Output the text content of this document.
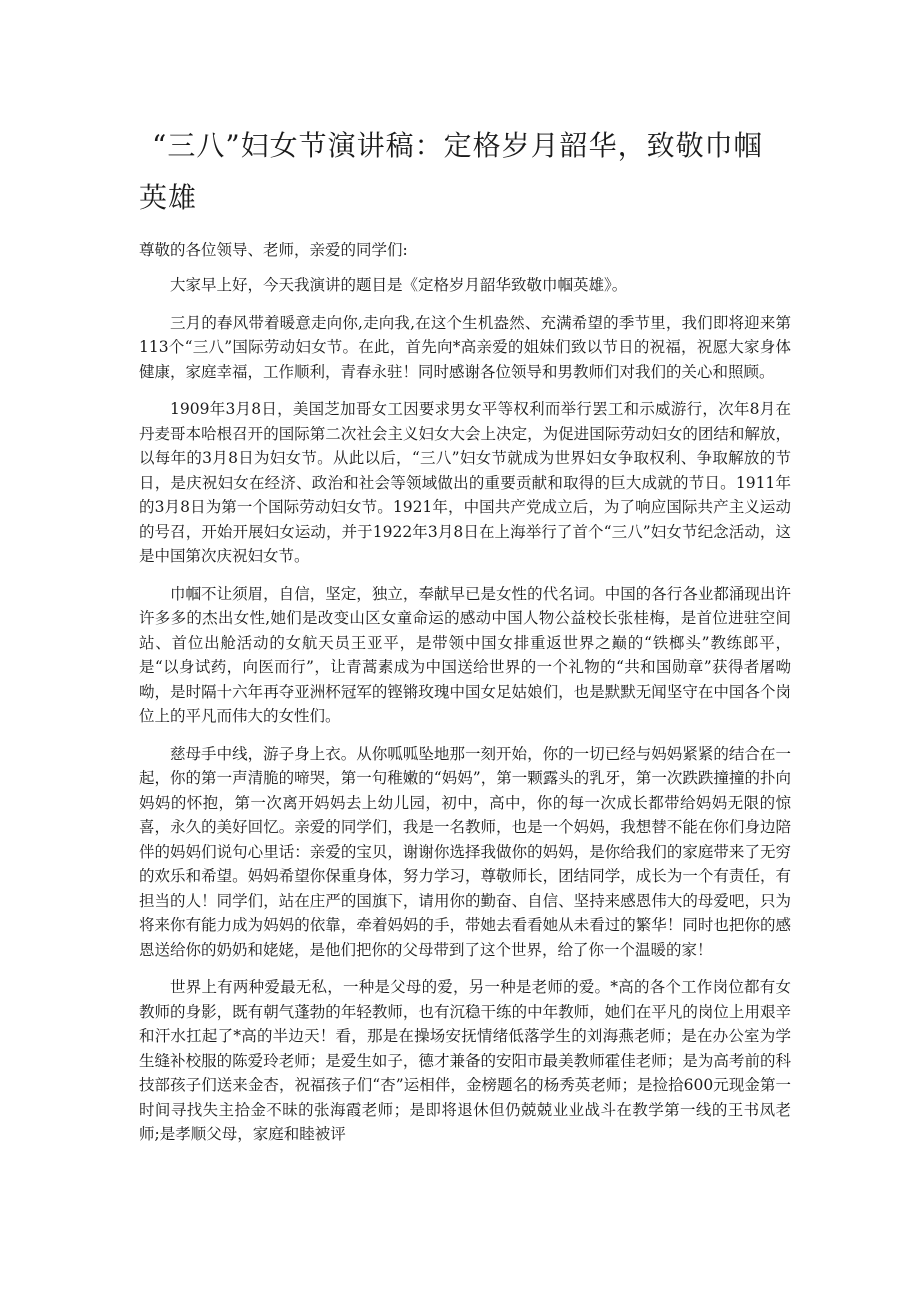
“三八”妇女节演讲稿：定格岁月韶华，致敬巾帼英雄

尊敬的各位领导、老师，亲爱的同学们:

大家早上好，今天我演讲的题目是《定格岁月韶华致敬巾帼英雄》。

三月的春风带着暖意走向你,走向我,在这个生机盎然、充满希望的季节里，我们即将迎来第113个“三八”国际劳动妇女节。在此，首先向*高亲爱的姐妹们致以节日的祝福，祝愿大家身体健康，家庭幸福，工作顺利，青春永驻！同时感谢各位领导和男教师们对我们的关心和照顾。

1909年3月8日，美国芝加哥女工因要求男女平等权利而举行罢工和示威游行，次年8月在丹麦哥本哈根召开的国际第二次社会主义妇女大会上决定，为促进国际劳动妇女的团结和解放，以每年的3月8日为妇女节。从此以后，“三八”妇女节就成为世界妇女争取权利、争取解放的节日，是庆祝妇女在经济、政治和社会等领域做出的重要贡献和取得的巨大成就的节日。1911年的3月8日为第一个国际劳动妇女节。1921年，中国共产党成立后，为了响应国际共产主义运动的号召，开始开展妇女运动，并于1922年3月8日在上海举行了首个“三八”妇女节纪念活动，这是中国第次庆祝妇女节。

巾帼不让须眉，自信，坚定，独立，奉献早已是女性的代名词。中国的各行各业都涌现出许许多多的杰出女性,她们是改变山区女童命运的感动中国人物公益校长张桂梅，是首位进驻空间站、首位出舱活动的女航天员王亚平，是带领中国女排重返世界之巅的“铁榔头”教练郎平，是“以身试药，向医而行”，让青蒿素成为中国送给世界的一个礼物的“共和国勋章”获得者屠呦呦，是时隔十六年再夺亚洲杯冠军的铿锵玫瑰中国女足姑娘们，也是默默无闻坚守在中国各个岗位上的平凡而伟大的女性们。

慈母手中线，游子身上衣。从你呱呱坠地那一刻开始，你的一切已经与妈妈紧紧的结合在一起，你的第一声清脆的啼哭，第一句稚嫩的“妈妈”，第一颗露头的乳牙，第一次跌跌撞撞的扑向妈妈的怀抱，第一次离开妈妈去上幼儿园，初中，高中，你的每一次成长都带给妈妈无限的惊喜，永久的美好回忆。亲爱的同学们，我是一名教师，也是一个妈妈，我想替不能在你们身边陪伴的妈妈们说句心里话：亲爱的宝贝，谢谢你选择我做你的妈妈，是你给我们的家庭带来了无穷的欢乐和希望。妈妈希望你保重身体，努力学习，尊敬师长，团结同学，成长为一个有责任，有担当的人！同学们，站在庄严的国旗下，请用你的勤奋、自信、坚持来感恩伟大的母爱吧，只为将来你有能力成为妈妈的依靠，牵着妈妈的手，带她去看看她从未看过的繁华！同时也把你的感恩送给你的奶奶和姥姥，是他们把你的父母带到了这个世界，给了你一个温暖的家！

世界上有两种爱最无私，一种是父母的爱，另一种是老师的爱。*高的各个工作岗位都有女教师的身影，既有朝气蓬勃的年轻教师，也有沉稳干练的中年教师，她们在平凡的岗位上用艰辛和汗水扛起了*高的半边天！看，那是在操场安抚情绪低落学生的刘海燕老师；是在办公室为学生缝补校服的陈爱玲老师；是爱生如子，德才兼备的安阳市最美教师霍佳老师；是为高考前的科技部孩子们送来金杏，祝福孩子们“杏”运相伴，金榜题名的杨秀英老师；是捡拾600元现金第一时间寻找失主拾金不昧的张海霞老师；是即将退休但仍兢兢业业战斗在教学第一线的王书凤老师;是孝顺父母，家庭和睦被评
